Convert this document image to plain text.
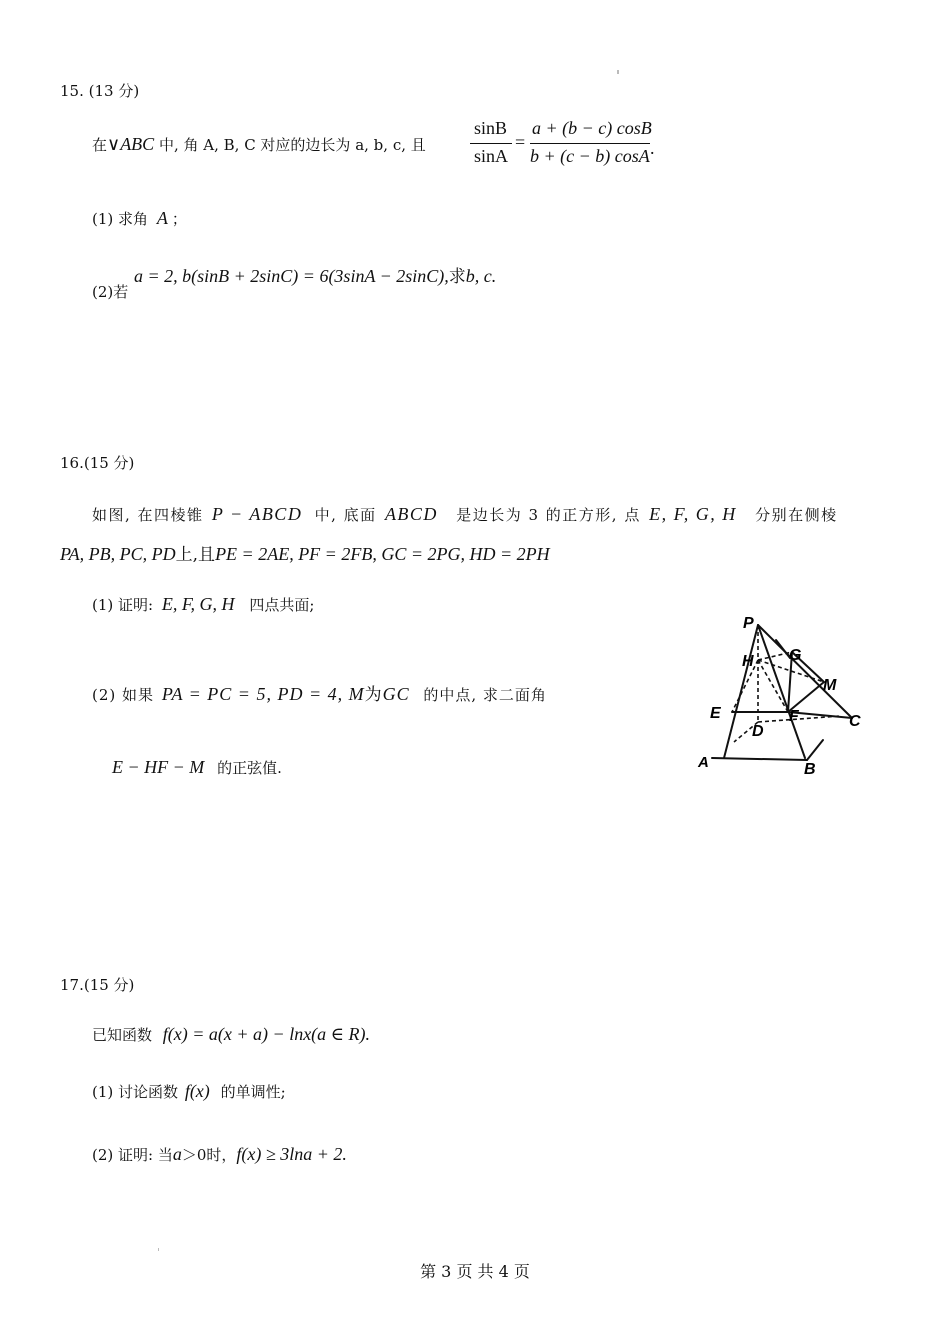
15. (13 分)
在∨ABC 中, 角 A, B, C 对应的边长为 a, b, c, 且
sinB
sinA
=
a + (b − c) cosB
b + (c − b) cosA .
(1) 求角 A ；
(2)若
a = 2, b(sinB + 2sinC) = 6(3sinA − 2sinC),求b, c.
16.(15 分)
如图, 在四棱锥 P − ABCD 中, 底面 ABCD 是边长为 3 的正方形, 点 E, F, G, H 分别在侧棱
PA, PB, PC, PD上,且PE = 2AE, PF = 2FB, GC = 2PG, HD = 2PH
(1) 证明: E, F, G, H 四点共面;
(2) 如果 PA = PC = 5, PD = 4, M为GC 的中点, 求二面角
E − HF − M 的正弦值.
P
H G
M
E	F	C
D
A	B
17.(15 分)
已知函数 f(x) = a(x + a) − lnx(a ∈ R).
(1) 讨论函数 f(x) 的单调性;
(2) 证明: 当a＞0时，f(x) ≥ 3lna + 2.
第 3 页 共 4 页
